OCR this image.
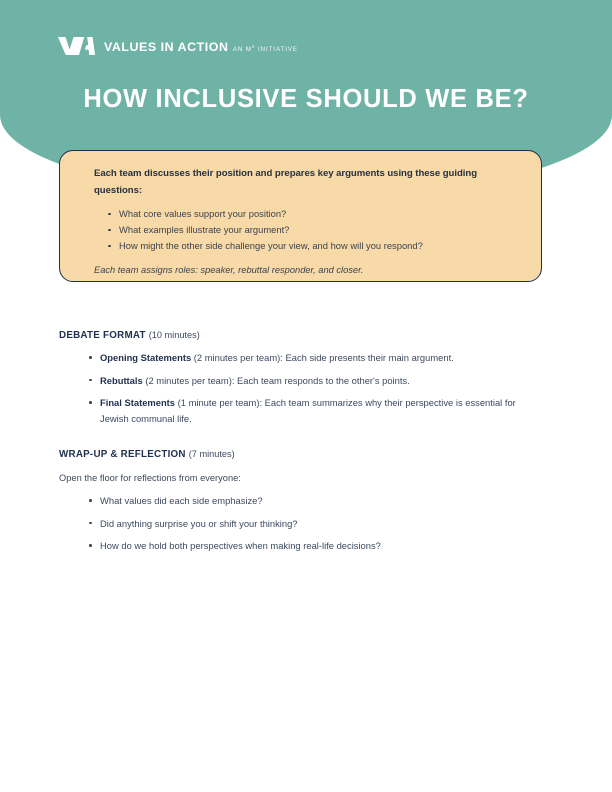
VALUES IN ACTION AN $M^2$ INITIATIVE
HOW INCLUSIVE SHOULD WE BE?
Each team discusses their position and prepares key arguments using these guiding questions:
What core values support your position?
What examples illustrate your argument?
How might the other side challenge your view, and how will you respond?
Each team assigns roles: speaker, rebuttal responder, and closer.
DEBATE FORMAT (10 minutes)
Opening Statements (2 minutes per team): Each side presents their main argument.
Rebuttals (2 minutes per team): Each team responds to the other's points.
Final Statements (1 minute per team): Each team summarizes why their perspective is essential for Jewish communal life.
WRAP-UP & REFLECTION (7 minutes)
Open the floor for reflections from everyone:
What values did each side emphasize?
Did anything surprise you or shift your thinking?
How do we hold both perspectives when making real-life decisions?
